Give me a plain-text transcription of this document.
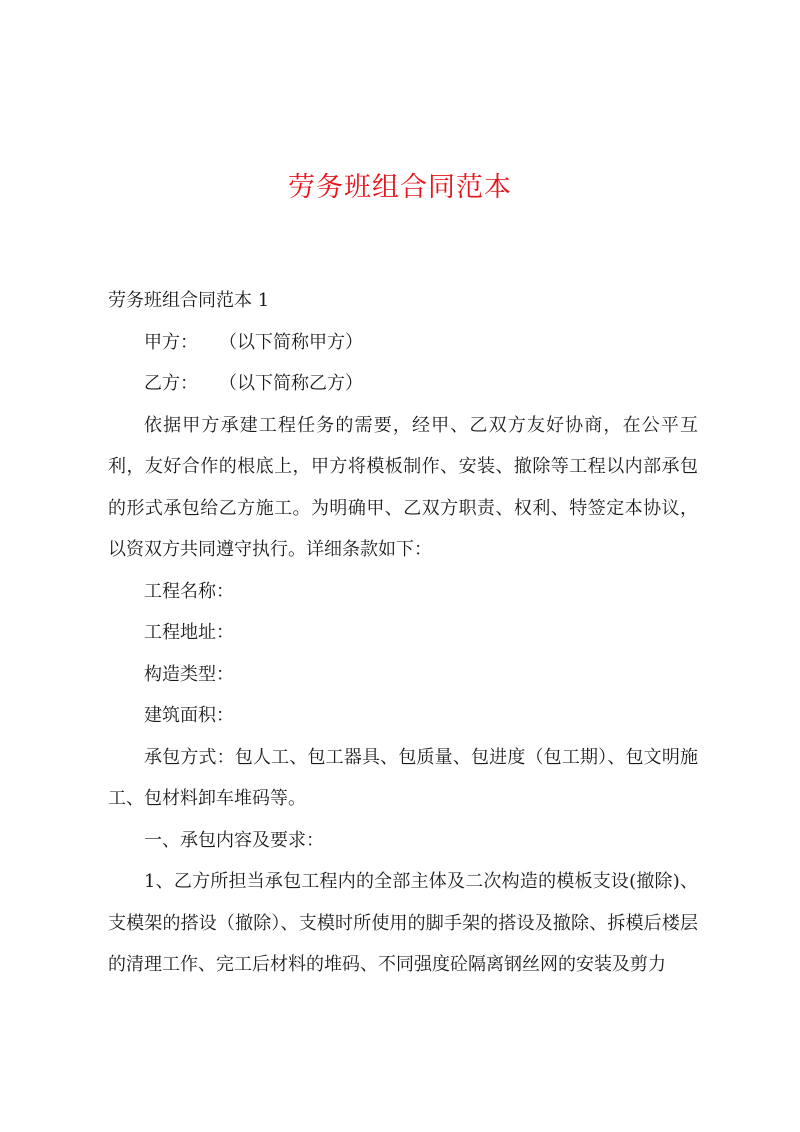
劳务班组合同范本

劳务班组合同范本 1

甲方： （以下简称甲方）

乙方： （以下简称乙方）

依据甲方承建工程任务的需要，经甲、乙双方友好协商，在公平互利，友好合作的根底上，甲方将模板制作、安装、撤除等工程以内部承包的形式承包给乙方施工。为明确甲、乙双方职责、权利、特签定本协议，以资双方共同遵守执行。详细条款如下：

工程名称：

工程地址：

构造类型：

建筑面积：

承包方式：包人工、包工器具、包质量、包进度（包工期）、包文明施工、包材料卸车堆码等。

一、承包内容及要求：

1、乙方所担当承包工程内的全部主体及二次构造的模板支设(撤除)、支模架的搭设（撤除）、支模时所使用的脚手架的搭设及撤除、拆模后楼层的清理工作、完工后材料的堆码、不同强度砼隔离钢丝网的安装及剪力
